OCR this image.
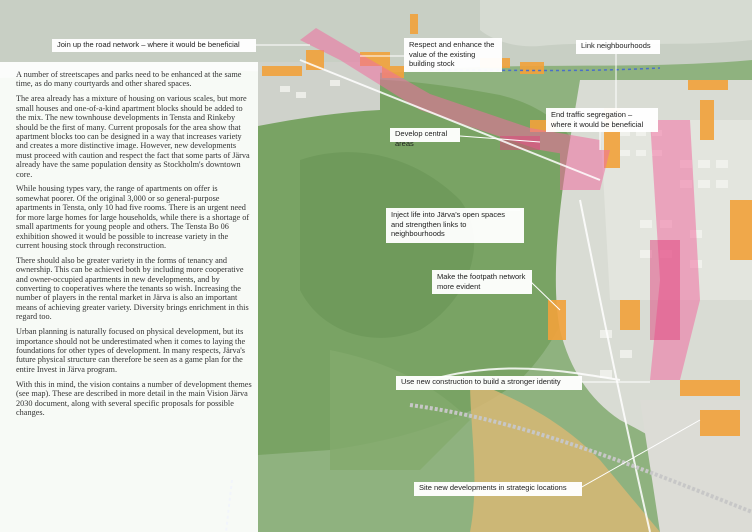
A number of streetscapes and parks need to be enhanced at the same time, as do many courtyards and other shared spaces.

The area already has a mixture of housing on various scales, but more small houses and one-of-a-kind apartment blocks should be added to the mix. The new townhouse developments in Tensta and Rinkeby should be the first of many. Current proposals for the area show that apartment blocks too can be designed in a way that increases variety and creates a more distinctive image. However, new developments must proceed with caution and respect the fact that some parts of Järva already have the same population density as Stockholm's downtown core.

While housing types vary, the range of apartments on offer is somewhat poorer. Of the original 3,000 or so general-purpose apartments in Tensta, only 10 had five rooms. There is an urgent need for more large homes for large households, while there is a shortage of small apartments for young people and others. The Tensta Bo 06 exhibition showed it would be possible to increase variety in the current housing stock through reconstruction.

There should also be greater variety in the forms of tenancy and ownership. This can be achieved both by including more cooperative and owner-occupied apartments in new developments, and by converting to cooperatives where the tenants so wish. Increasing the number of players in the rental market in Järva is also an important means of achieving greater variety. Diversity brings enrichment in this regard too.

Urban planning is naturally focused on physical development, but its importance should not be underestimated when it comes to laying the foundations for other types of development. In many respects, Järva's future physical structure can therefore be seen as a game plan for the entire Invest in Järva program.

With this in mind, the vision contains a number of development themes (see map). These are described in more detail in the main Vision Järva 2030 document, along with several specific proposals for possible changes.

Join up the road network – where it would be beneficial	Respect and enhance the value of the existing building stock
Link neighbourhoods
End traffic segregation – where it would be beneficial
Develop central areas
Inject life into Järva's open spaces and strengthen links to neighbourhoods
Make the footpath network more evident
Use new construction to build a stronger identity
Site new developments in strategic locations
